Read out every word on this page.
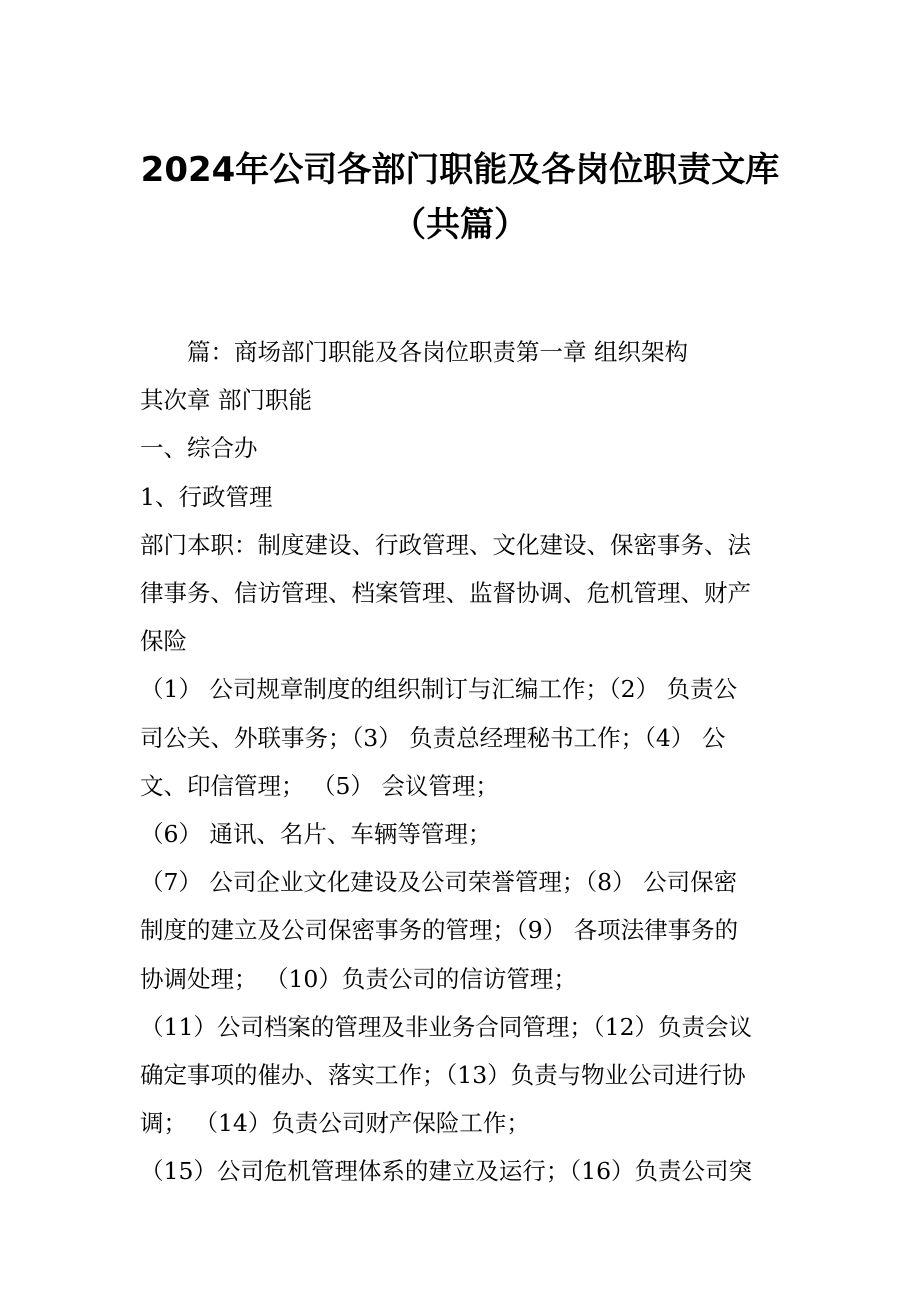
2024年公司各部门职能及各岗位职责文库
（共篇）
　　篇：商场部门职能及各岗位职责第一章 组织架构
其次章 部门职能
一、综合办
1、行政管理
部门本职：制度建设、行政管理、文化建设、保密事务、法
律事务、信访管理、档案管理、监督协调、危机管理、财产
保险
（1） 公司规章制度的组织制订与汇编工作；（2） 负责公
司公关、外联事务；（3） 负责总经理秘书工作；（4） 公
文、印信管理； （5） 会议管理；
（6） 通讯、名片、车辆等管理；
（7） 公司企业文化建设及公司荣誉管理；（8） 公司保密
制度的建立及公司保密事务的管理；（9） 各项法律事务的
协调处理； （10）负责公司的信访管理；
（11）公司档案的管理及非业务合同管理；（12）负责会议
确定事项的催办、落实工作；（13）负责与物业公司进行协
调； （14）负责公司财产保险工作；
（15）公司危机管理体系的建立及运行；（16）负责公司突
